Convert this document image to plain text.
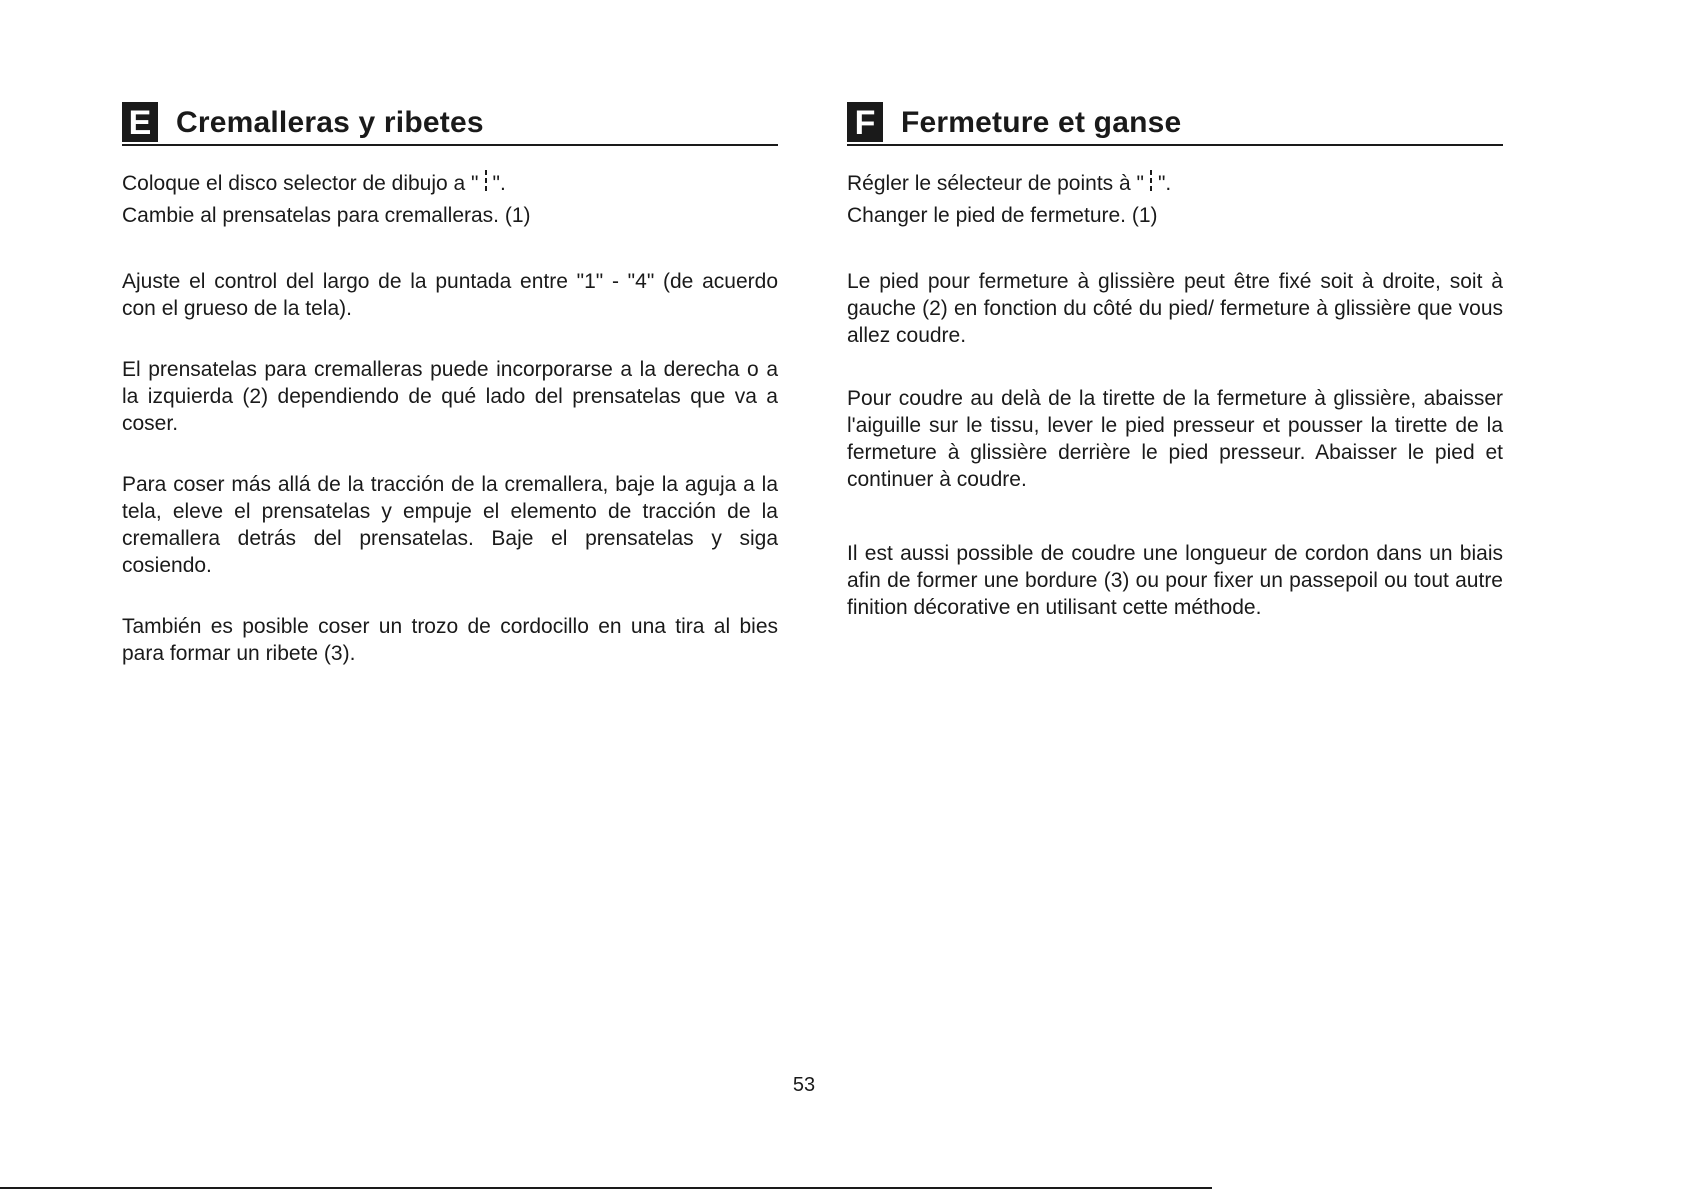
E Cremalleras y ribetes

Coloque el disco selector de dibujo a " ".

Cambie al prensatelas para cremalleras. (1)

Ajuste el control del largo de la puntada entre "1" - "4" (de acuerdo con el grueso de la tela).

El prensatelas para cremalleras puede incorporarse a la derecha o a la izquierda (2) dependiendo de qué lado del prensatelas que va a coser.

Para coser más allá de la tracción de la cremallera, baje la aguja a la tela, eleve el prensatelas y empuje el elemento de tracción de la cremallera detrás del prensatelas. Baje el prensatelas y siga cosiendo.

También es posible coser un trozo de cordocillo en una tira al bies para formar un ribete (3).

F Fermeture et ganse

Régler le sélecteur de points à " ".

Changer le pied de fermeture. (1)

Le pied pour fermeture à glissière peut être fixé soit à droite, soit à gauche (2) en fonction du côté du pied/ fermeture à glissière que vous allez coudre.

Pour coudre au delà de la tirette de la fermeture à glissière, abaisser l'aiguille sur le tissu, lever le pied presseur et pousser la tirette de la fermeture à glissière derrière le pied presseur. Abaisser le pied et continuer à coudre.

Il est aussi possible de coudre une longueur de cordon dans un biais afin de former une bordure (3) ou pour fixer un passepoil ou tout autre finition décorative en utilisant cette méthode.

53
